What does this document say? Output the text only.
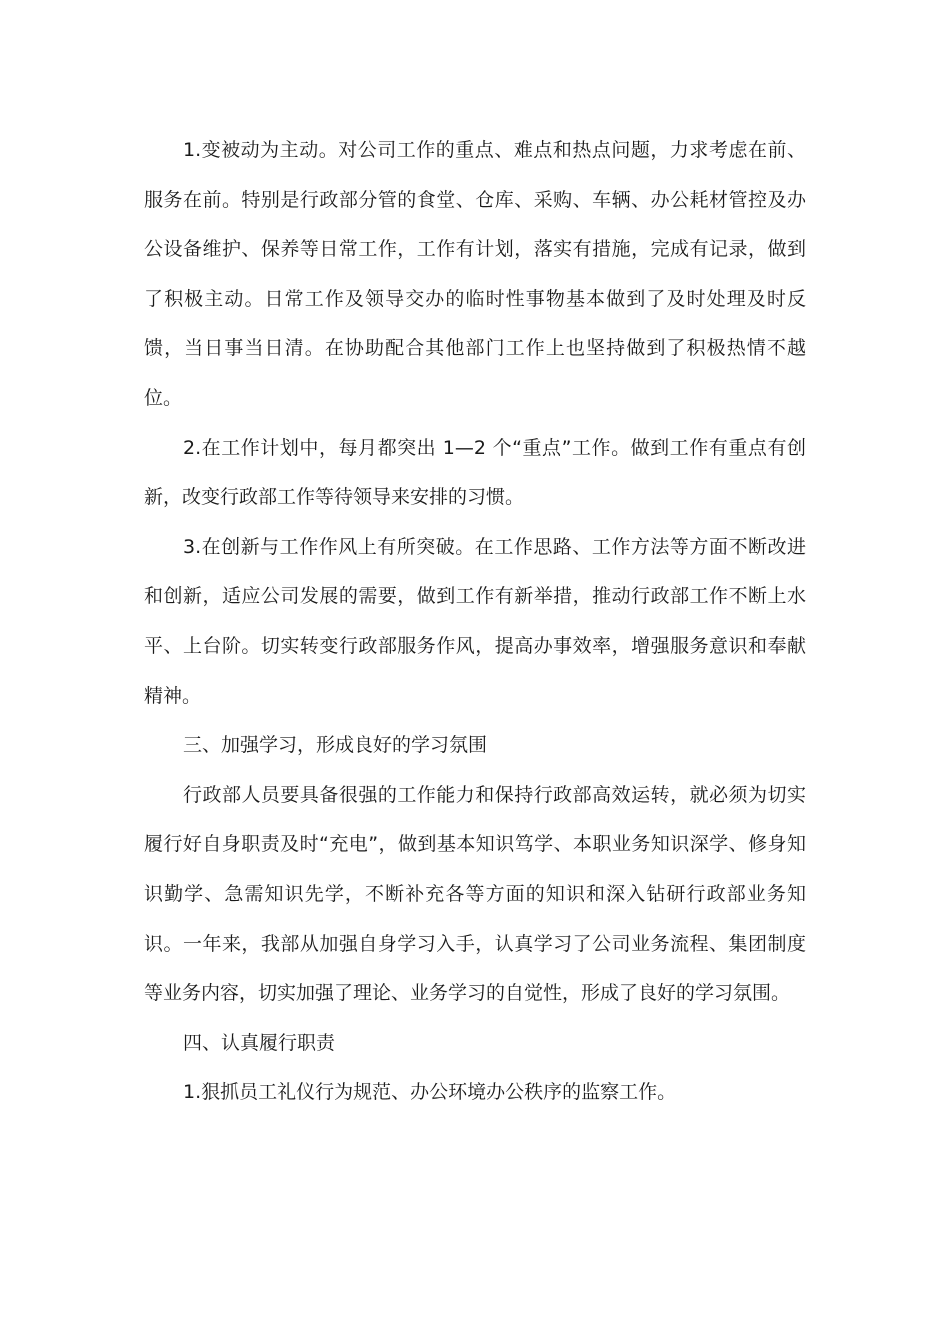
1.变被动为主动。对公司工作的重点、难点和热点问题，力求考虑在前、服务在前。特别是行政部分管的食堂、仓库、采购、车辆、办公耗材管控及办公设备维护、保养等日常工作，工作有计划，落实有措施，完成有记录，做到了积极主动。日常工作及领导交办的临时性事物基本做到了及时处理及时反馈，当日事当日清。在协助配合其他部门工作上也坚持做到了积极热情不越位。

2.在工作计划中，每月都突出 1—2 个“重点”工作。做到工作有重点有创新，改变行政部工作等待领导来安排的习惯。

3.在创新与工作作风上有所突破。在工作思路、工作方法等方面不断改进和创新，适应公司发展的需要，做到工作有新举措，推动行政部工作不断上水平、上台阶。切实转变行政部服务作风，提高办事效率，增强服务意识和奉献精神。

三、加强学习，形成良好的学习氛围

行政部人员要具备很强的工作能力和保持行政部高效运转，就必须为切实履行好自身职责及时“充电”，做到基本知识笃学、本职业务知识深学、修身知识勤学、急需知识先学，不断补充各等方面的知识和深入钻研行政部业务知识。一年来，我部从加强自身学习入手，认真学习了公司业务流程、集团制度等业务内容，切实加强了理论、业务学习的自觉性，形成了良好的学习氛围。

四、认真履行职责

1.狠抓员工礼仪行为规范、办公环境办公秩序的监察工作。
